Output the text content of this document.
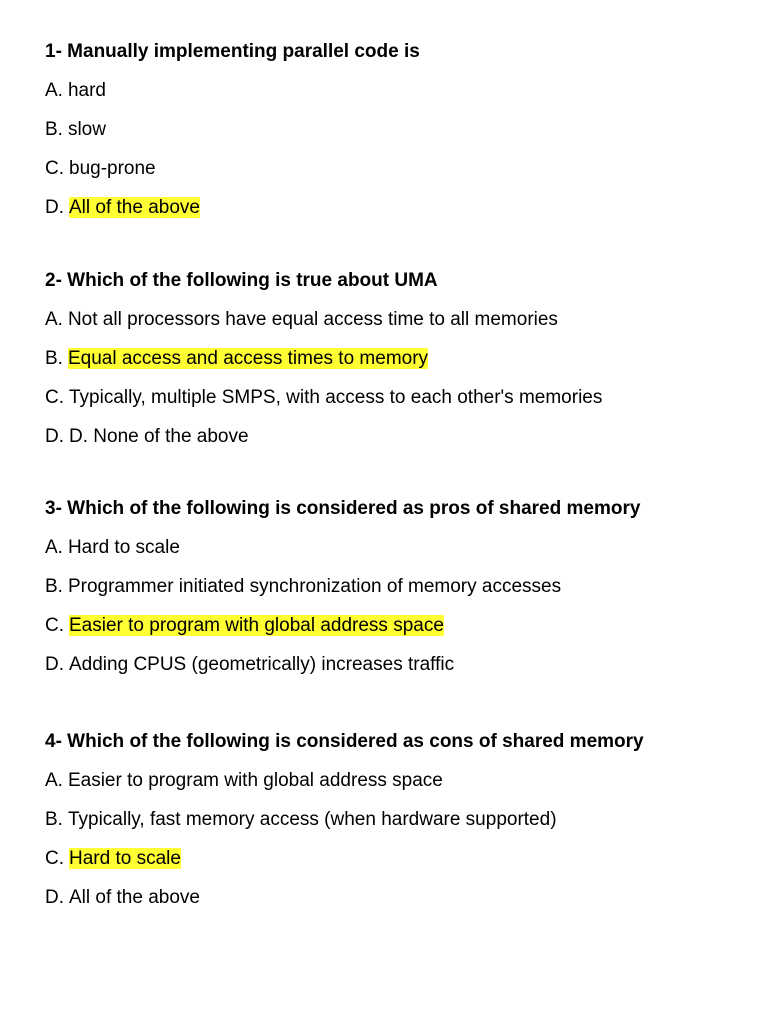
1- Manually implementing parallel code is
A. hard
B. slow
C. bug-prone
D. All of the above
2- Which of the following is true about UMA
A. Not all processors have equal access time to all memories
B. Equal access and access times to memory
C. Typically, multiple SMPS, with access to each other's memories
D. D. None of the above
3- Which of the following is considered as pros of shared memory
A. Hard to scale
B. Programmer initiated synchronization of memory accesses
C. Easier to program with global address space
D. Adding CPUS (geometrically) increases traffic
4- Which of the following is considered as cons of shared memory
A. Easier to program with global address space
B. Typically, fast memory access (when hardware supported)
C. Hard to scale
D. All of the above
